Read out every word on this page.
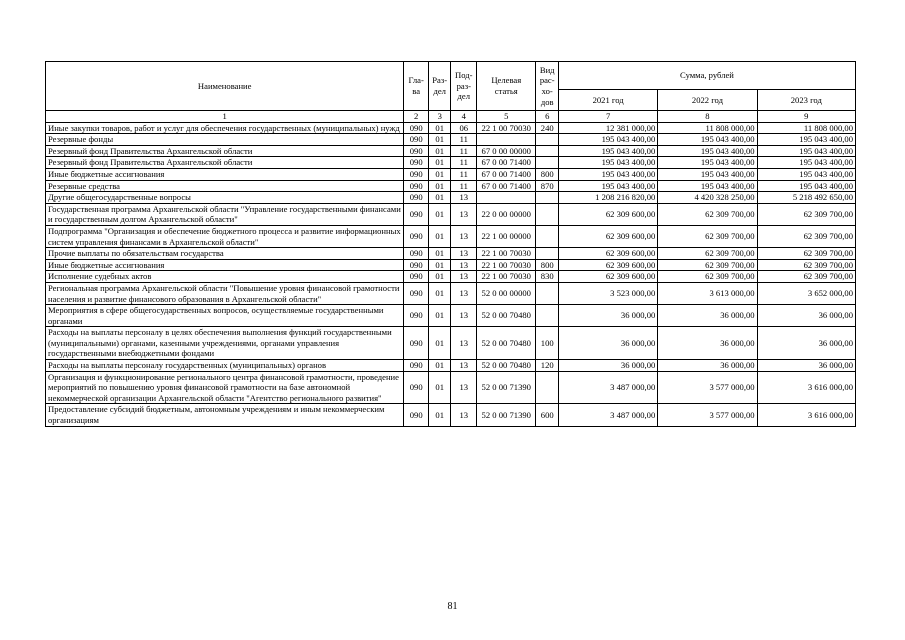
Наименование	Гла-ва	Раз-дел	Под-раз-дел	Целевая статья	Вид рас-хо-дов	Сумма, рублей		
						2021 год	2022 год	2023 год
1	2	3	4	5	6	7	8	9
Иные закупки товаров, работ и услуг для обеспечения государственных (муниципальных) нужд	090	01	06	22 1 00 70030	240	12 381 000,00	11 808 000,00	11 808 000,00
Резервные фонды	090	01	11			195 043 400,00	195 043 400,00	195 043 400,00
Резервный фонд Правительства Архангельской области	090	01	11	67 0 00 00000		195 043 400,00	195 043 400,00	195 043 400,00
Резервный фонд Правительства Архангельской области	090	01	11	67 0 00 71400		195 043 400,00	195 043 400,00	195 043 400,00
Иные бюджетные ассигнования	090	01	11	67 0 00 71400	800	195 043 400,00	195 043 400,00	195 043 400,00
Резервные средства	090	01	11	67 0 00 71400	870	195 043 400,00	195 043 400,00	195 043 400,00
Другие общегосударственные вопросы	090	01	13			1 208 216 820,00	4 420 328 250,00	5 218 492 650,00
Государственная программа Архангельской области "Управление государственными финансами и государственным долгом Архангельской области"	090	01	13	22 0 00 00000		62 309 600,00	62 309 700,00	62 309 700,00
Подпрограмма "Организация и обеспечение бюджетного процесса и развитие информационных систем управления финансами в Архангельской области"	090	01	13	22 1 00 00000		62 309 600,00	62 309 700,00	62 309 700,00
Прочие выплаты по обязательствам государства	090	01	13	22 1 00 70030		62 309 600,00	62 309 700,00	62 309 700,00
Иные бюджетные ассигнования	090	01	13	22 1 00 70030	800	62 309 600,00	62 309 700,00	62 309 700,00
Исполнение судебных актов	090	01	13	22 1 00 70030	830	62 309 600,00	62 309 700,00	62 309 700,00
Региональная программа Архангельской области "Повышение уровня финансовой грамотности населения и развитие финансового образования в Архангельской области"	090	01	13	52 0 00 00000		3 523 000,00	3 613 000,00	3 652 000,00
Мероприятия в сфере общегосударственных вопросов, осуществляемые государственными органами	090	01	13	52 0 00 70480		36 000,00	36 000,00	36 000,00
Расходы на выплаты персоналу в целях обеспечения выполнения функций государственными (муниципальными) органами, казенными учреждениями, органами управления государственными внебюджетными фондами	090	01	13	52 0 00 70480	100	36 000,00	36 000,00	36 000,00
Расходы на выплаты персоналу государственных (муниципальных) органов	090	01	13	52 0 00 70480	120	36 000,00	36 000,00	36 000,00
Организация и функционирование регионального центра финансовой грамотности, проведение мероприятий по повышению уровня финансовой грамотности на базе автономной некоммерческой организации Архангельской области "Агентство регионального развития"	090	01	13	52 0 00 71390		3 487 000,00	3 577 000,00	3 616 000,00
Предоставление субсидий бюджетным, автономным учреждениям и иным некоммерческим организациям	090	01	13	52 0 00 71390	600	3 487 000,00	3 577 000,00	3 616 000,00
81
